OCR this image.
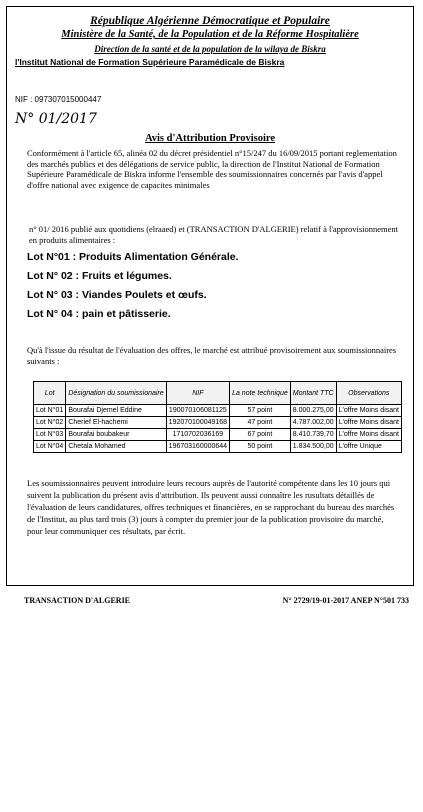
République Algérienne Démocratique et Populaire
Ministère de la Santé, de la Population et de la Réforme Hospitalière
Direction de la santé et de la population de la wilaya de Biskra
l'Institut National de Formation Supérieure Paramédicale de Biskra
NIF : 097307015000447
N° 01/2017
Avis d'Attribution Provisoire
Conformément à l'article 65, alinéa 02 du décret présidentiel n°15/247 du 16/09/2015 portant reglementation des marchés publics et des délégations de service public, la direction de l'Institut National de Formation Supérieure Paramédicale de Biskra informe l'ensemble des soumissionnaires concernés par l'avis d'appel d'offre national avec exigence de capacites minimales
n° 01/ 2016 publié aux quotidiens (elraaed) et (TRANSACTION D'ALGERIE) relatif à l'approvisionnement en produits alimentaires :
Lot N°01 : Produits Alimentation Générale.
Lot N° 02 : Fruits et légumes.
Lot N° 03 : Viandes Poulets et œufs.
Lot N° 04 : pain et pâtisserie.
Qu'à l'issue du résultat de l'évaluation des offres, le marché est attribué provisoirement aux soumissionnaires suivants :
Lot	Désignation du soumissionaire	NIF	La note technique	Montant TTC	Observations
Lot N°01	Bourafai Djemel Eddine	190070106081125	57 point	8.000.275,00	L'offre Moins disant
Lot N°02	Cherief El-hachemi	192070100049168	47 point	4.787.002,00	L'offre Moins disant
Lot N°03	Bourafai boubakeur	1710702036169	67 point	8.410.739,70	L'offre Moins disant
Lot N°04	Chetala Mohamed	196703160000644	50 point	1.834.500,00	L'offre Unique
Les soumissionnaires peuvent introduire leurs recours auprès de l'autorité compétente dans les 10 jours qui suivent la publication du présent avis d'attribution. Ils peuvent aussi connaître les rusultats détaillés de l'évaluation de leurs candidatures, offres techniques et financières, en se rapprochant du bureau des marchés de l'Institut, au plus tard trois (3) jours à compter du premier jour de la publication provisoire du marché, pour leur communiquer ces résultats, par écrit.
TRANSACTION D'ALGERIE	N° 2729/19-01-2017 ANEP N°501 733
